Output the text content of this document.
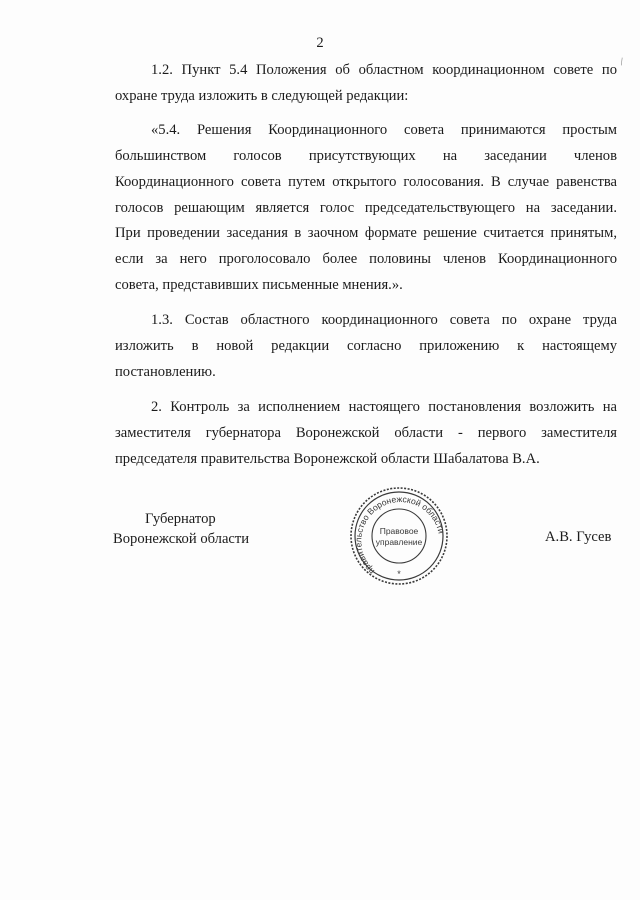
2
\

1.2. Пункт 5.4 Положения об областном координационном совете по
охране труда изложить в следующей редакции:

«5.4. Решения Координационного совета принимаются простым
большинством голосов присутствующих на заседании членов
Координационного совета путем открытого голосования. В случае равенства
голосов решающим является голос председательствующего на заседании.
При проведении заседания в заочном формате решение считается принятым,
если за него проголосовало более половины членов Координационного
совета, представивших письменные мнения.».

1.3. Состав областного координационного совета по охране труда
изложить в новой редакции согласно приложению к настоящему
постановлению.

2. Контроль за исполнением настоящего постановления возложить на
заместителя губернатора Воронежской области - первого заместителя
председателя правительства Воронежской области Шабалатова В.А.

Губернатор
Воронежской области
правительство Воронежской области
Правовое
управление
*
А.В. Гусев
